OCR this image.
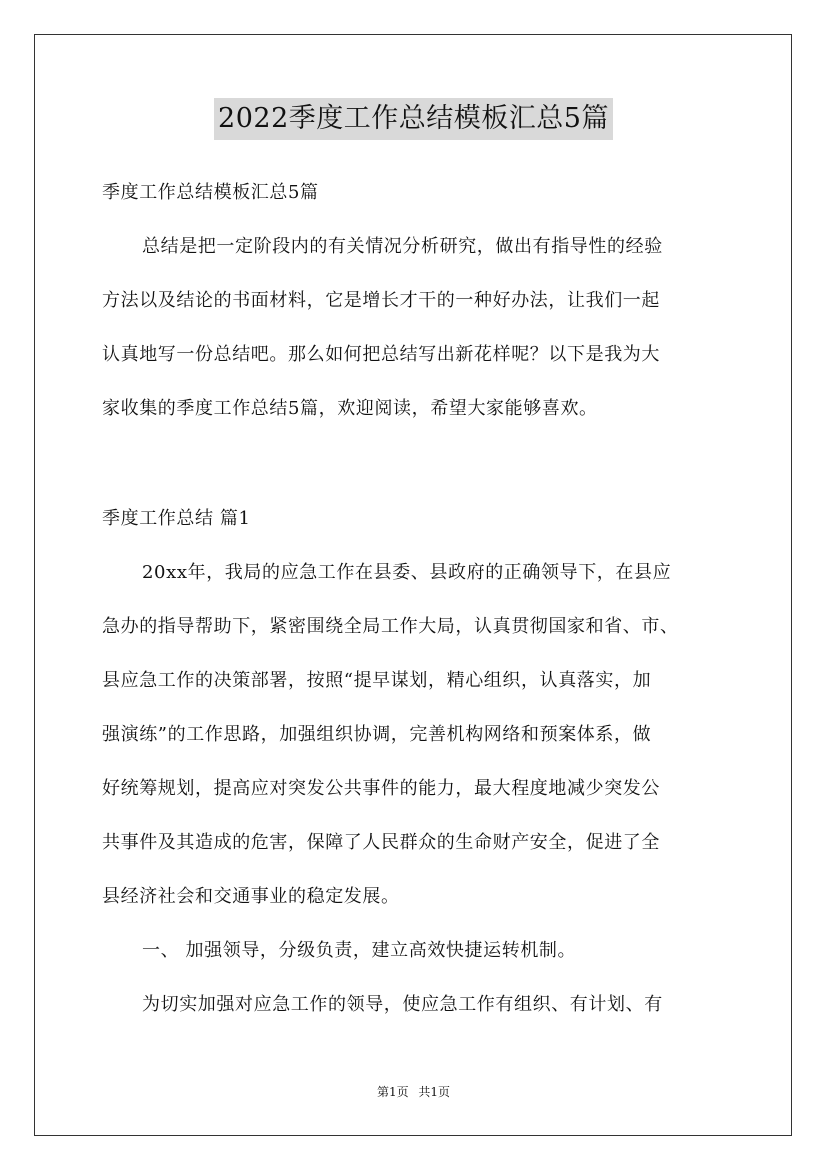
2022季度工作总结模板汇总5篇
季度工作总结模板汇总5篇
总结是把一定阶段内的有关情况分析研究，做出有指导性的经验
方法以及结论的书面材料，它是增长才干的一种好办法，让我们一起
认真地写一份总结吧。那么如何把总结写出新花样呢？以下是我为大
家收集的季度工作总结5篇，欢迎阅读，希望大家能够喜欢。
季度工作总结 篇1
20xx年，我局的应急工作在县委、县政府的正确领导下，在县应
急办的指导帮助下，紧密围绕全局工作大局，认真贯彻国家和省、市、
县应急工作的决策部署，按照“提早谋划，精心组织，认真落实，加
强演练”的工作思路，加强组织协调，完善机构网络和预案体系，做
好统筹规划，提高应对突发公共事件的能力，最大程度地减少突发公
共事件及其造成的危害，保障了人民群众的生命财产安全，促进了全
县经济社会和交通事业的稳定发展。
一、 加强领导，分级负责，建立高效快捷运转机制。
为切实加强对应急工作的领导，使应急工作有组织、有计划、有
第1页 共1页
